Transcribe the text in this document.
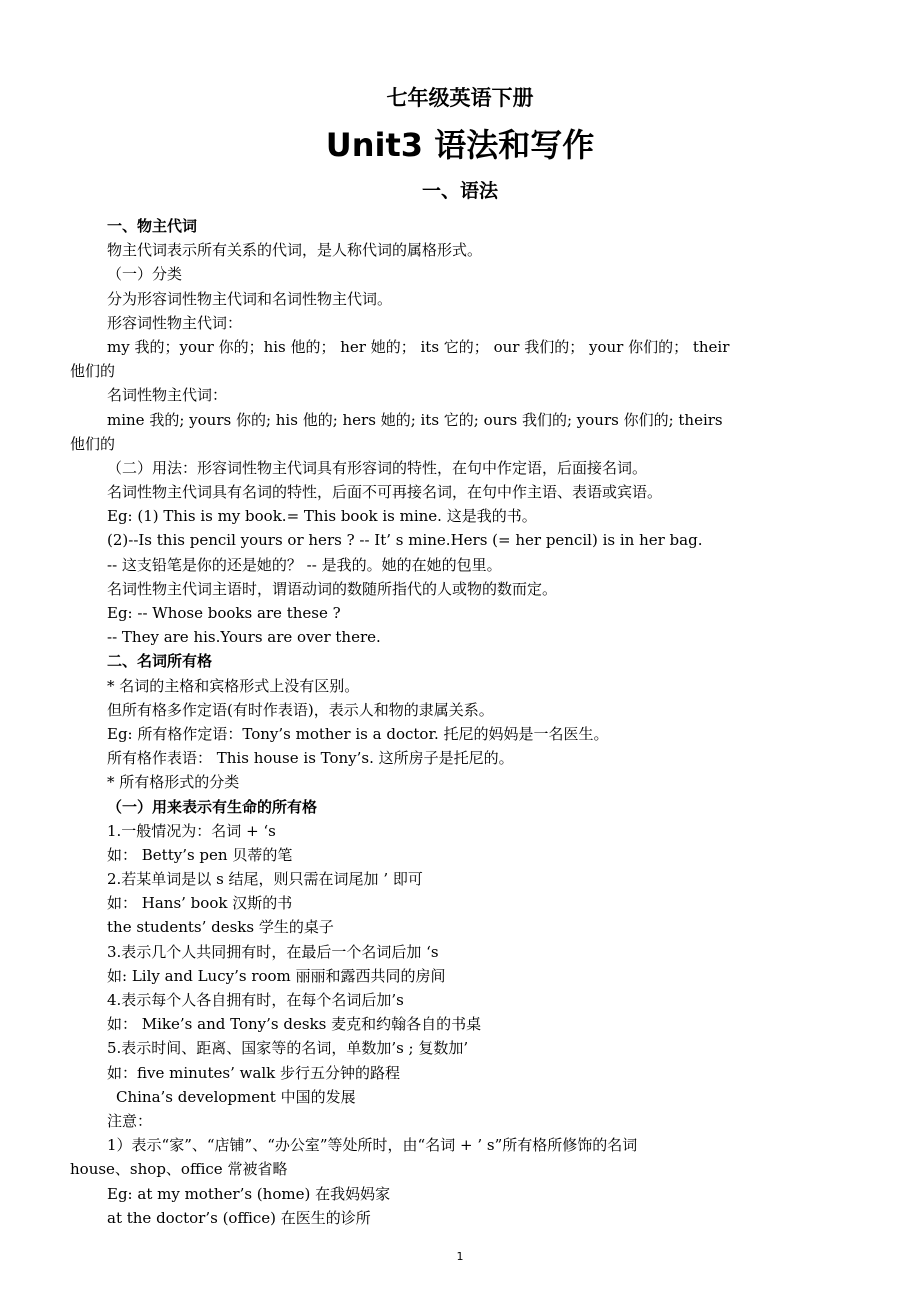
七年级英语下册
Unit3 语法和写作
一、语法
一、物主代词
物主代词表示所有关系的代词，是人称代词的属格形式。
（一）分类
分为形容词性物主代词和名词性物主代词。
形容词性物主代词：
my 我的；your 你的；his 他的； her 她的； its 它的； our 我们的； your 你们的； their
他们的
名词性物主代词：
mine 我的; yours 你的; his 他的; hers 她的; its 它的; ours 我们的; yours 你们的; theirs
他们的
（二）用法：形容词性物主代词具有形容词的特性，在句中作定语，后面接名词。
名词性物主代词具有名词的特性，后面不可再接名词，在句中作主语、表语或宾语。
Eg: (1) This is my book.= This book is mine. 这是我的书。
(2)--Is this pencil yours or hers ? -- It’ s mine.Hers (= her pencil) is in her bag.
-- 这支铅笔是你的还是她的？ -- 是我的。她的在她的包里。
名词性物主代词主语时，谓语动词的数随所指代的人或物的数而定。
Eg: -- Whose books are these ?
-- They are his.Yours are over there.
二、名词所有格
* 名词的主格和宾格形式上没有区别。
但所有格多作定语(有时作表语)，表示人和物的隶属关系。
Eg: 所有格作定语：Tony’s mother is a doctor. 托尼的妈妈是一名医生。
所有格作表语： This house is Tony’s. 这所房子是托尼的。
* 所有格形式的分类
（一）用来表示有生命的所有格
1.一般情况为：名词 + ‘s
如： Betty’s pen 贝蒂的笔
2.若某单词是以 s 结尾，则只需在词尾加 ’ 即可
如： Hans’ book 汉斯的书
the students’ desks 学生的桌子
3.表示几个人共同拥有时，在最后一个名词后加 ‘s
如: Lily and Lucy’s room 丽丽和露西共同的房间
4.表示每个人各自拥有时，在每个名词后加’s
如： Mike’s and Tony’s desks 麦克和约翰各自的书桌
5.表示时间、距离、国家等的名词，单数加’s ; 复数加’
如：five minutes’ walk 步行五分钟的路程
China’s development 中国的发展
注意：
1）表示“家”、“店铺”、“办公室”等处所时，由“名词 + ’ s”所有格所修饰的名词
house、shop、office 常被省略
Eg: at my mother’s (home) 在我妈妈家
at the doctor’s (office) 在医生的诊所
1
